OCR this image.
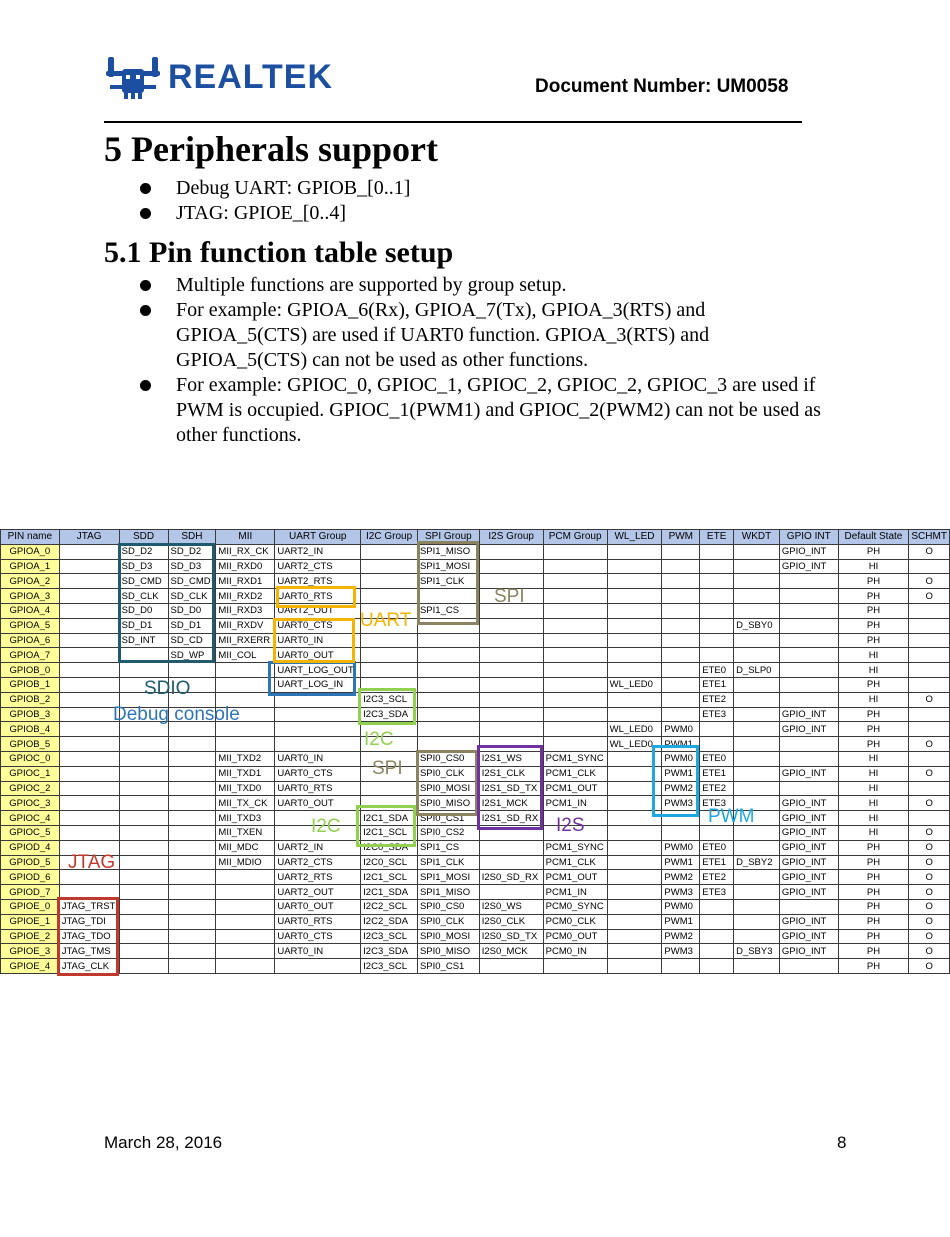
REALTEK	Document Number: UM0058
5 Peripherals support
Debug UART: GPIOB_[0..1]
JTAG: GPIOE_[0..4]
5.1 Pin function table setup
Multiple functions are supported by group setup.
For example: GPIOA_6(Rx), GPIOA_7(Tx), GPIOA_3(RTS) and GPIOA_5(CTS) are used if UART0 function. GPIOA_3(RTS) and GPIOA_5(CTS) can not be used as other functions.
For example: GPIOC_0, GPIOC_1, GPIOC_2, GPIOC_2, GPIOC_3 are used if PWM is occupied. GPIOC_1(PWM1) and GPIOC_2(PWM2) can not be used as other functions.
PIN name	JTAG	SDD	SDH	MII	UART Group	I2C Group	SPI Group	I2S Group	PCM Group	WL_LED	PWM	ETE	WKDT	GPIO INT	Default State	SCHMT
GPIOA_0		SD_D2	SD_D2	MII_RX_CK	UART2_IN		SPI1_MISO							GPIO_INT	PH	O
GPIOA_1		SD_D3	SD_D3	MII_RXD0	UART2_CTS		SPI1_MOSI							GPIO_INT	HI	
GPIOA_2		SD_CMD	SD_CMD	MII_RXD1	UART2_RTS		SPI1_CLK								PH	O
GPIOA_3		SD_CLK	SD_CLK	MII_RXD2	UART0_RTS										PH	O
GPIOA_4		SD_D0	SD_D0	MII_RXD3	UART2_OUT		SPI1_CS								PH	
GPIOA_5		SD_D1	SD_D1	MII_RXDV	UART0_CTS								D_SBY0		PH	
GPIOA_6		SD_INT	SD_CD	MII_RXERR	UART0_IN										PH	
GPIOA_7			SD_WP	MII_COL	UART0_OUT										HI	
GPIOB_0					UART_LOG_OUT							ETE0	D_SLP0		HI	
GPIOB_1					UART_LOG_IN					WL_LED0		ETE1			PH	
GPIOB_2						I2C3_SCL						ETE2			HI	O
GPIOB_3						I2C3_SDA						ETE3		GPIO_INT	PH	
GPIOB_4										WL_LED0	PWM0			GPIO_INT	PH	
GPIOB_5										WL_LED0	PWM1				PH	O
GPIOC_0				MII_TXD2	UART0_IN		SPI0_CS0	I2S1_WS	PCM1_SYNC		PWM0	ETE0			HI	
GPIOC_1				MII_TXD1	UART0_CTS		SPI0_CLK	I2S1_CLK	PCM1_CLK		PWM1	ETE1		GPIO_INT	HI	O
GPIOC_2				MII_TXD0	UART0_RTS		SPI0_MOSI	I2S1_SD_TX	PCM1_OUT		PWM2	ETE2			HI	
GPIOC_3				MII_TX_CK	UART0_OUT		SPI0_MISO	I2S1_MCK	PCM1_IN		PWM3	ETE3		GPIO_INT	HI	O
GPIOC_4				MII_TXD3		I2C1_SDA	SPI0_CS1	I2S1_SD_RX						GPIO_INT	HI	
GPIOC_5				MII_TXEN		I2C1_SCL	SPI0_CS2							GPIO_INT	HI	O
GPIOD_4				MII_MDC	UART2_IN	I2C0_SDA	SPI1_CS		PCM1_SYNC		PWM0	ETE0		GPIO_INT	PH	O
GPIOD_5				MII_MDIO	UART2_CTS	I2C0_SCL	SPI1_CLK		PCM1_CLK		PWM1	ETE1	D_SBY2	GPIO_INT	PH	O
GPIOD_6					UART2_RTS	I2C1_SCL	SPI1_MOSI	I2S0_SD_RX	PCM1_OUT		PWM2	ETE2		GPIO_INT	PH	O
GPIOD_7					UART2_OUT	I2C1_SDA	SPI1_MISO		PCM1_IN		PWM3	ETE3		GPIO_INT	PH	O
GPIOE_0	JTAG_TRST				UART0_OUT	I2C2_SCL	SPI0_CS0	I2S0_WS	PCM0_SYNC		PWM0				PH	O
GPIOE_1	JTAG_TDI				UART0_RTS	I2C2_SDA	SPI0_CLK	I2S0_CLK	PCM0_CLK		PWM1			GPIO_INT	PH	O
GPIOE_2	JTAG_TDO				UART0_CTS	I2C3_SCL	SPI0_MOSI	I2S0_SD_TX	PCM0_OUT		PWM2			GPIO_INT	PH	O
GPIOE_3	JTAG_TMS				UART0_IN	I2C3_SDA	SPI0_MISO	I2S0_MCK	PCM0_IN		PWM3		D_SBY3	GPIO_INT	PH	O
GPIOE_4	JTAG_CLK					I2C3_SCL	SPI0_CS1								PH	O
SDIO
Debug console
UART
SPI
I2C
SPI
I2C	I2S	PWM
JTAG
March 28, 2016	8
